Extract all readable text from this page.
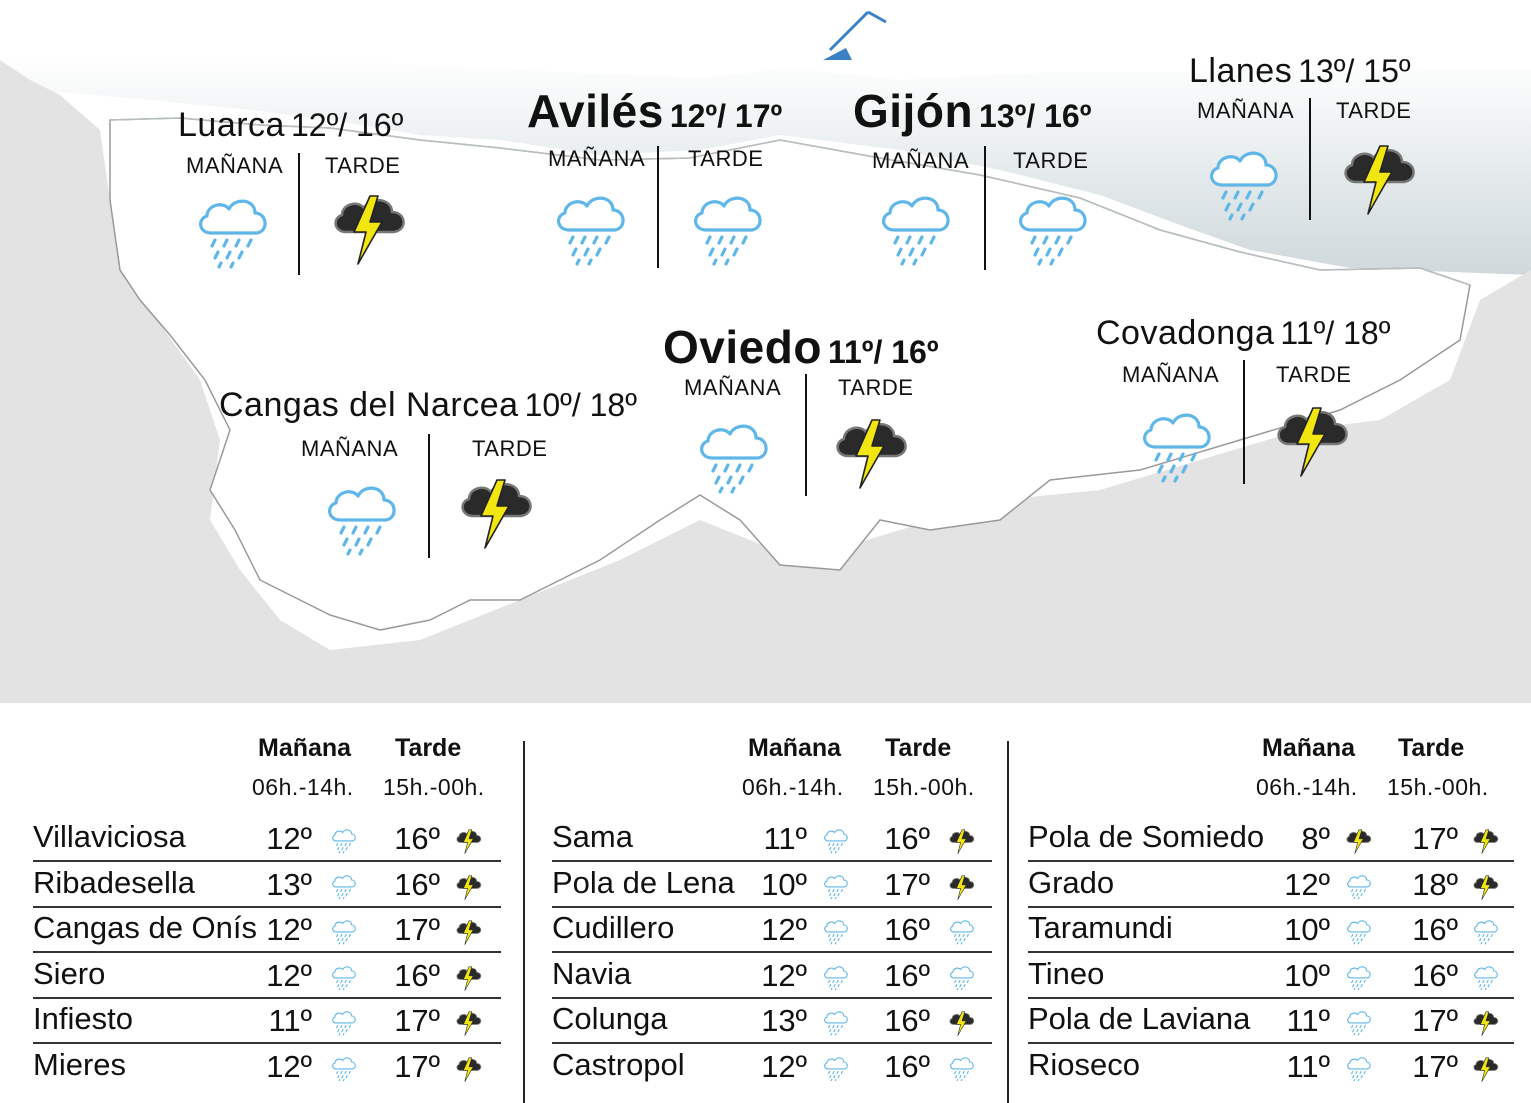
Luarca 12º/ 16º
MAÑANA TARDE
Avilés 12º/ 17º
MAÑANA TARDE
Gijón 13º/ 16º
MAÑANA TARDE
Llanes 13º/ 15º
MAÑANA TARDE
Oviedo 11º/ 16º
MAÑANA	TARDE
Covadonga 11º/ 18º
MAÑANA	TARDE
Cangas del Narcea 10º/ 18º
MAÑANA	TARDE
Mañana Tarde
06h.-14h. 15h.-00h.
Villaviciosa	12º	16º
Ribadesella 13º	16º
Cangas de Onís 12º	17º
Siero	12º	16º
Infiesto	11º	17º
Mieres	12º	17º
Mañana Tarde
06h.-14h. 15h.-00h.
Sama	11º 16º
Pola de Lena 10º 17º
Cudillero	12º 16º
Navia	12º 16º
Colunga	13º 16º
Castropol 12º 16º
Mañana Tarde
06h.-14h. 15h.-00h.
Pola de Somiedo 8º	17º
Grado	12º	18º
Taramundi	10º	16º
Tineo	10º	16º
Pola de Laviana 11º	17º
Rioseco	11º	17º
